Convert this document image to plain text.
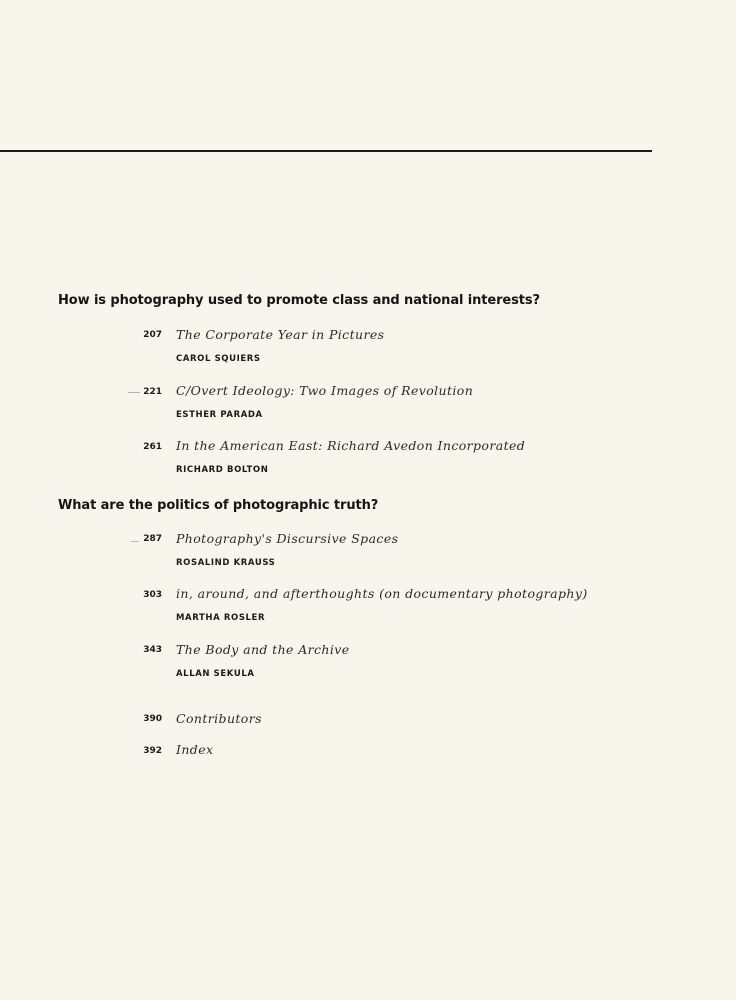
How is photography used to promote class and national interests?
207 The Corporate Year in Pictures
CAROL SQUIERS
221 C/Overt Ideology: Two Images of Revolution
ESTHER PARADA
261 In the American East: Richard Avedon Incorporated
RICHARD BOLTON
What are the politics of photographic truth?
287 Photography's Discursive Spaces
ROSALIND KRAUSS
303 in, around, and afterthoughts (on documentary photography)
MARTHA ROSLER
343 The Body and the Archive
ALLAN SEKULA
390 Contributors
392 Index
